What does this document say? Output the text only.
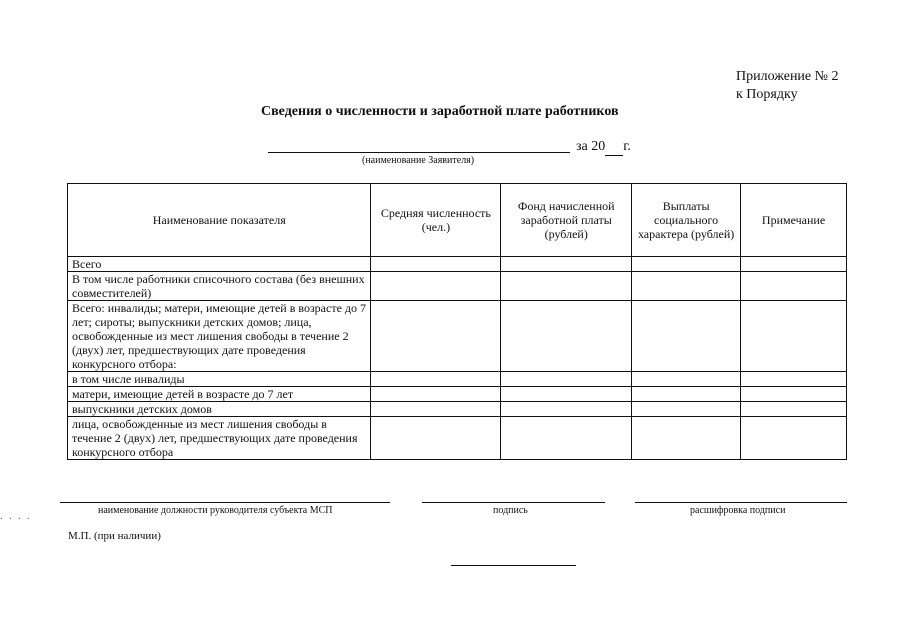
Приложение № 2
к Порядку
Сведения о численности и заработной плате работников
за 20 г.
(наименование Заявителя)
Наименование показателя	Средняя численность (чел.)	Фонд начисленной заработной платы (рублей)	Выплаты социального характера (рублей)	Примечание
Всего				
В том числе работники списочного состава (без внешних совместителей)				
Всего: инвалиды; матери, имеющие детей в возрасте до 7 лет; сироты; выпускники детских домов; лица, освобожденные из мест лишения свободы в течение 2 (двух) лет, предшествующих дате проведения конкурсного отбора:				
в том числе инвалиды				
матери, имеющие детей в возрасте до 7 лет				
выпускники детских домов				
лица, освобожденные из мест лишения свободы в течение 2 (двух) лет, предшествующих дате проведения конкурсного отбора				
. . . .
наименование должности руководителя субъекта МСП	подпись	расшифровка подписи
М.П. (при наличии)
